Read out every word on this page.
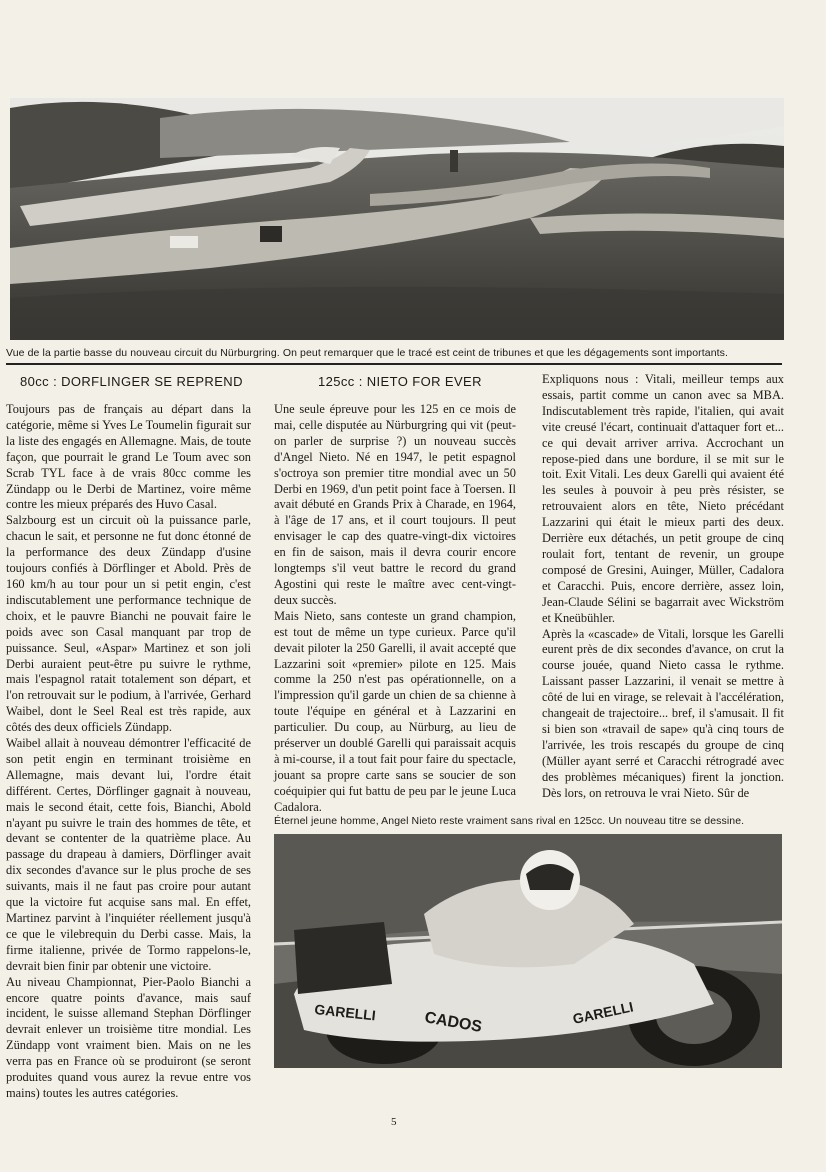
Vue de la partie basse du nouveau circuit du Nürburgring. On peut remarquer que le tracé est ceint de tribunes et que les dégagements sont importants.
80cc : DORFLINGER SE REPREND	125cc : NIETO FOR EVER

Toujours pas de français au départ dans la catégorie, même si Yves Le Toumelin figurait sur la liste des engagés en Allemagne. Mais, de toute façon, que pourrait le grand Le Toum avec son Scrab TYL face à de vrais 80cc comme les Zündapp ou le Derbi de Martinez, voire même contre les mieux préparés des Huvo Casal.

Salzbourg est un circuit où la puissance parle, chacun le sait, et personne ne fut donc étonné de la performance des deux Zündapp d'usine toujours confiés à Dörflinger et Abold. Près de 160 km/h au tour pour un si petit engin, c'est indiscutablement une performance technique de choix, et le pauvre Bianchi ne pouvait faire le poids avec son Casal manquant par trop de puissance. Seul, «Aspar» Martinez et son joli Derbi auraient peut-être pu suivre le rythme, mais l'espagnol ratait totalement son départ, et l'on retrouvait sur le podium, à l'arrivée, Gerhard Waibel, dont le Seel Real est très rapide, aux côtés des deux officiels Zündapp.

Waibel allait à nouveau démontrer l'efficacité de son petit engin en terminant troisième en Allemagne, mais devant lui, l'ordre était différent. Certes, Dörflinger gagnait à nouveau, mais le second était, cette fois, Bianchi, Abold n'ayant pu suivre le train des hommes de tête, et devant se contenter de la quatrième place. Au passage du drapeau à damiers, Dörflinger avait dix secondes d'avance sur le plus proche de ses suivants, mais il ne faut pas croire pour autant que la victoire fut acquise sans mal. En effet, Martinez parvint à l'inquiéter réellement jusqu'à ce que le vilebrequin du Derbi casse. Mais, la firme italienne, privée de Tormo rappelons-le, devrait bien finir par obtenir une victoire.

Au niveau Championnat, Pier-Paolo Bianchi a encore quatre points d'avance, mais sauf incident, le suisse allemand Stephan Dörflinger devrait enlever un troisième titre mondial. Les Zündapp vont vraiment bien. Mais on ne les verra pas en France où se produiront (se seront produites quand vous aurez la revue entre vos mains) toutes les autres catégories.

Une seule épreuve pour les 125 en ce mois de mai, celle disputée au Nürburgring qui vit (peut-on parler de surprise ?) un nouveau succès d'Angel Nieto. Né en 1947, le petit espagnol s'octroya son premier titre mondial avec un 50 Derbi en 1969, d'un petit point face à Toersen. Il avait débuté en Grands Prix à Charade, en 1964, à l'âge de 17 ans, et il court toujours. Il peut envisager le cap des quatre-vingt-dix victoires en fin de saison, mais il devra courir encore longtemps s'il veut battre le record du grand Agostini qui reste le maître avec cent-vingt-deux succès.

Mais Nieto, sans conteste un grand champion, est tout de même un type curieux. Parce qu'il devait piloter la 250 Garelli, il avait accepté que Lazzarini soit «premier» pilote en 125. Mais comme la 250 n'est pas opérationnelle, on a l'impression qu'il garde un chien de sa chienne à toute l'équipe en général et à Lazzarini en particulier. Du coup, au Nürburg, au lieu de préserver un doublé Garelli qui paraissait acquis à mi-course, il a tout fait pour faire du spectacle, jouant sa propre carte sans se soucier de son coéquipier qui fut battu de peu par le jeune Luca Cadalora.

Expliquons nous : Vitali, meilleur temps aux essais, partit comme un canon avec sa MBA. Indiscutablement très rapide, l'italien, qui avait vite creusé l'écart, continuait d'attaquer fort et... ce qui devait arriver arriva. Accrochant un repose-pied dans une bordure, il se mit sur le toit. Exit Vitali. Les deux Garelli qui avaient été les seules à pouvoir à peu près résister, se retrouvaient alors en tête, Nieto précédant Lazzarini qui était le mieux parti des deux. Derrière eux détachés, un petit groupe de cinq roulait fort, tentant de revenir, un groupe composé de Gresini, Auinger, Müller, Cadalora et Caracchi. Puis, encore derrière, assez loin, Jean-Claude Sélini se bagarrait avec Wickström et Kneübühler.

Après la «cascade» de Vitali, lorsque les Garelli eurent près de dix secondes d'avance, on crut la course jouée, quand Nieto cassa le rythme. Laissant passer Lazzarini, il venait se mettre à côté de lui en virage, se relevait à l'accélération, changeait de trajectoire... bref, il s'amusait. Il fit si bien son «travail de sape» qu'à cinq tours de l'arrivée, les trois rescapés du groupe de cinq (Müller ayant serré et Caracchi rétrogradé avec des problèmes mécaniques) firent la jonction. Dès lors, on retrouva le vrai Nieto. Sûr de

Éternel jeune homme, Angel Nieto reste vraiment sans rival en 125cc. Un nouveau titre se dessine.
GARELLI	GARELLI
CADOS
5
